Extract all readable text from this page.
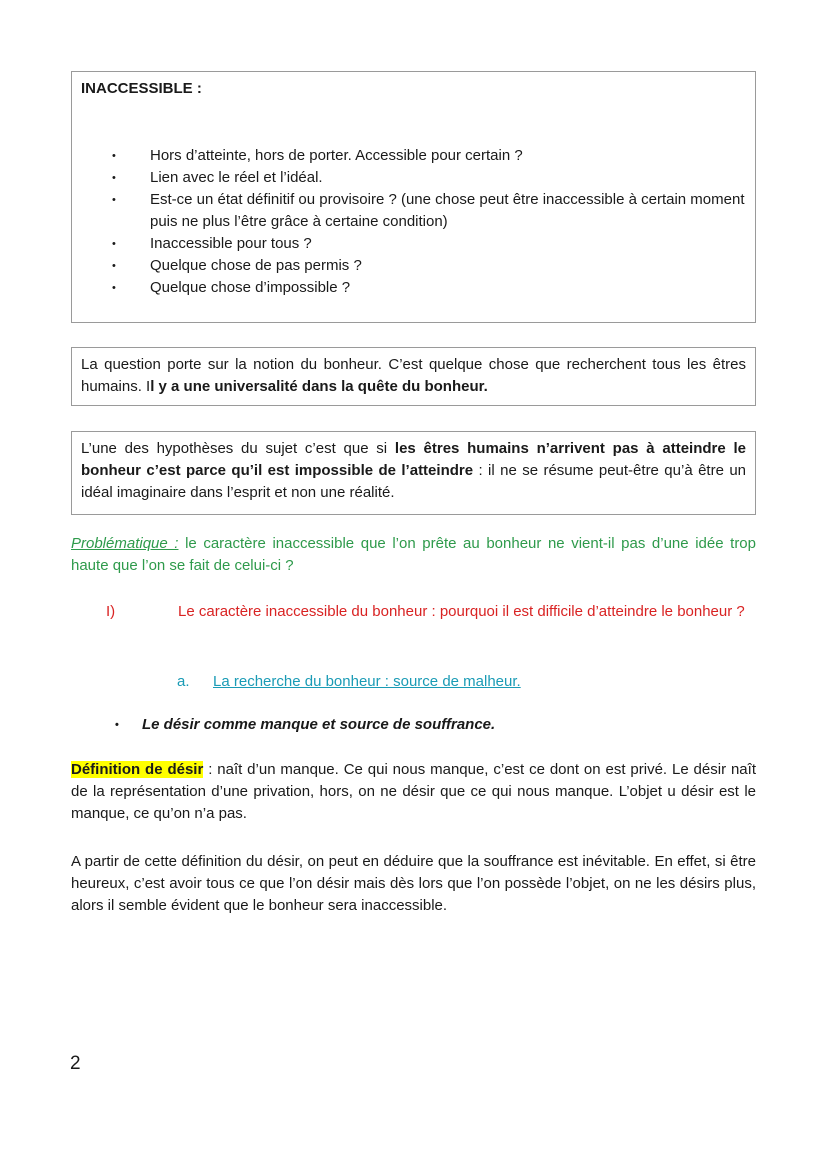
INACCESSIBLE :

• Hors d’atteinte, hors de porter. Accessible pour certain ?
• Lien avec le réel et l’idéal.
• Est-ce un état définitif ou provisoire ? (une chose peut être inaccessible à certain moment puis ne plus l’être grâce à certaine condition)
• Inaccessible pour tous ?
• Quelque chose de pas permis ?
• Quelque chose d’impossible ?

La question porte sur la notion du bonheur. C’est quelque chose que recherchent tous les êtres humains. Il y a une universalité dans la quête du bonheur.

L’une des hypothèses du sujet c’est que si les êtres humains n’arrivent pas à atteindre le bonheur c’est parce qu’il est impossible de l’atteindre : il ne se résume peut-être qu’à être un idéal imaginaire dans l’esprit et non une réalité.

Problématique : le caractère inaccessible que l’on prête au bonheur ne vient-il pas d’une idée trop haute que l’on se fait de celui-ci ?

I)	Le caractère inaccessible du bonheur : pourquoi il est difficile d’atteindre le bonheur ?
a. La recherche du bonheur : source de malheur.
• Le désir comme manque et source de souffrance.

Définition de désir : naît d’un manque. Ce qui nous manque, c’est ce dont on est privé. Le désir naît de la représentation d’une privation, hors, on ne désir que ce qui nous manque. L’objet u désir est le manque, ce qu’on n’a pas.

A partir de cette définition du désir, on peut en déduire que la souffrance est inévitable. En effet, si être heureux, c’est avoir tous ce que l’on désir mais dès lors que l’on possède l’objet, on ne les désirs plus, alors il semble évident que le bonheur sera inaccessible.

2
